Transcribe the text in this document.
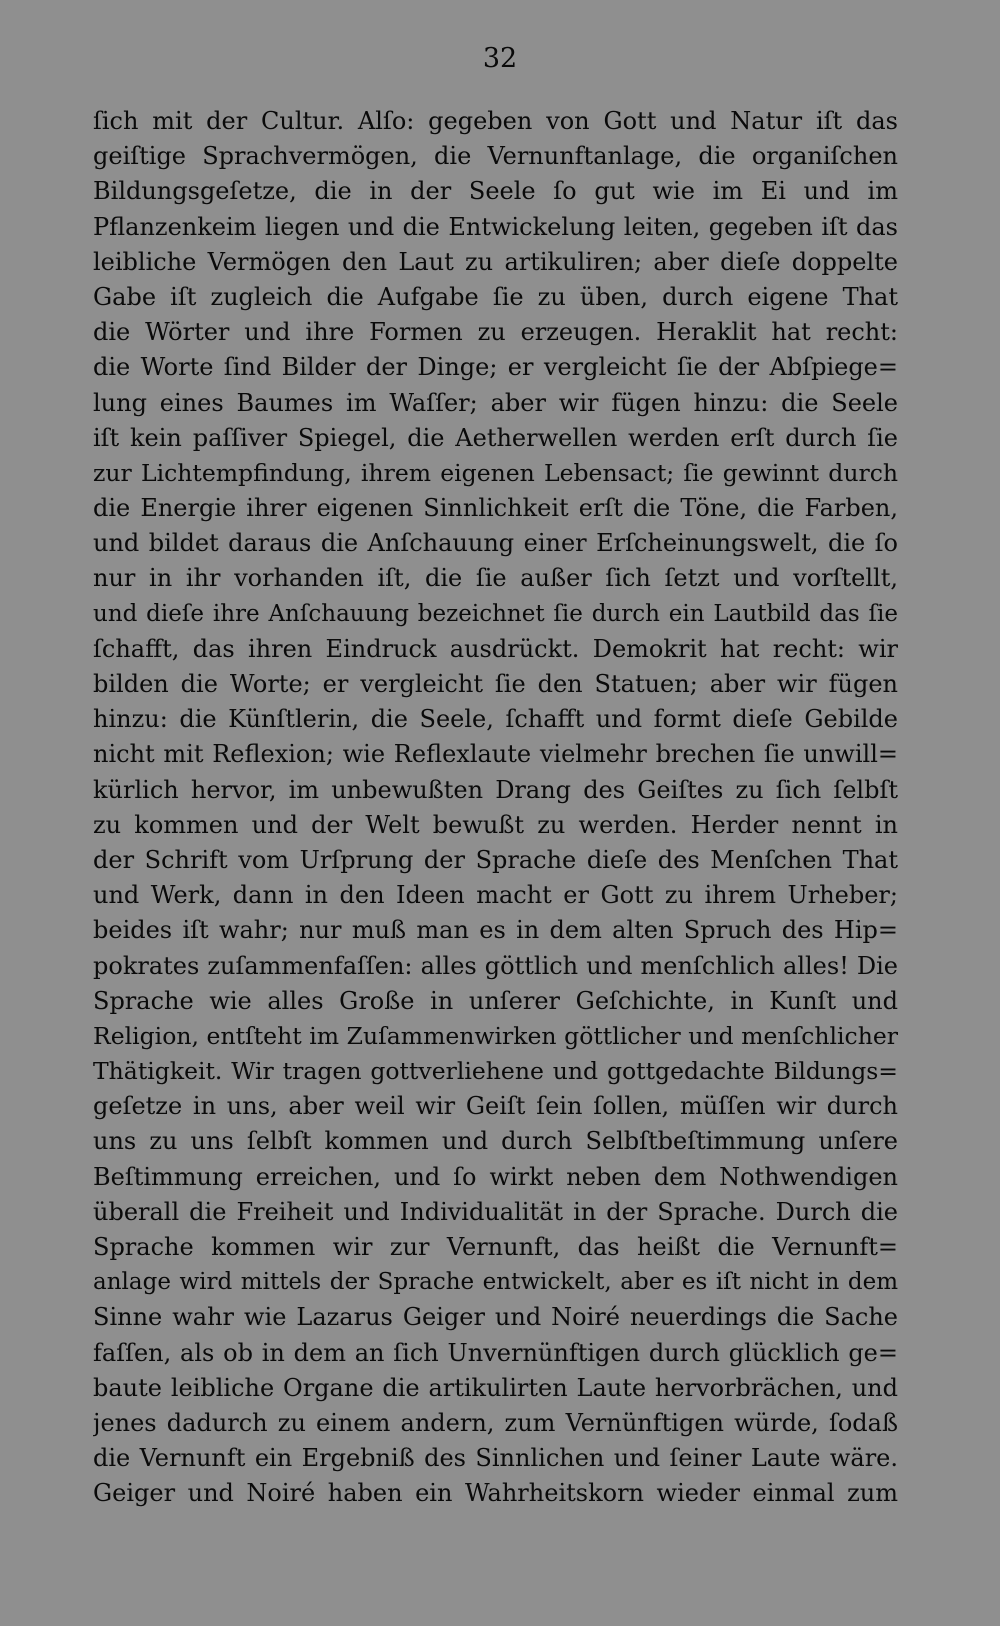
32
ſich mit der Cultur. Alſo: gegeben von Gott und Natur iſt das
geiſtige Sprachvermögen, die Vernunftanlage, die organiſchen
Bildungsgeſetze, die in der Seele ſo gut wie im Ei und im
Pflanzenkeim liegen und die Entwickelung leiten, gegeben iſt das
leibliche Vermögen den Laut zu artikuliren; aber dieſe doppelte
Gabe iſt zugleich die Aufgabe ſie zu üben, durch eigene That
die Wörter und ihre Formen zu erzeugen. Heraklit hat recht:
die Worte ſind Bilder der Dinge; er vergleicht ſie der Abſpiege=
lung eines Baumes im Waſſer; aber wir fügen hinzu: die Seele
iſt kein paſſiver Spiegel, die Aetherwellen werden erſt durch ſie
zur Lichtempfindung, ihrem eigenen Lebensact; ſie gewinnt durch
die Energie ihrer eigenen Sinnlichkeit erſt die Töne, die Farben,
und bildet daraus die Anſchauung einer Erſcheinungswelt, die ſo
nur in ihr vorhanden iſt, die ſie außer ſich ſetzt und vorſtellt,
und dieſe ihre Anſchauung bezeichnet ſie durch ein Lautbild das ſie
ſchafft, das ihren Eindruck ausdrückt. Demokrit hat recht: wir
bilden die Worte; er vergleicht ſie den Statuen; aber wir fügen
hinzu: die Künſtlerin, die Seele, ſchafft und formt dieſe Gebilde
nicht mit Reflexion; wie Reflexlaute vielmehr brechen ſie unwill=
kürlich hervor, im unbewußten Drang des Geiſtes zu ſich ſelbſt
zu kommen und der Welt bewußt zu werden. Herder nennt in
der Schrift vom Urſprung der Sprache dieſe des Menſchen That
und Werk, dann in den Ideen macht er Gott zu ihrem Urheber;
beides iſt wahr; nur muß man es in dem alten Spruch des Hip=
pokrates zuſammenfaſſen: alles göttlich und menſchlich alles! Die
Sprache wie alles Große in unſerer Geſchichte, in Kunſt und
Religion, entſteht im Zuſammenwirken göttlicher und menſchlicher
Thätigkeit. Wir tragen gottverliehene und gottgedachte Bildungs=
geſetze in uns, aber weil wir Geiſt ſein ſollen, müſſen wir durch
uns zu uns ſelbſt kommen und durch Selbſtbeſtimmung unſere
Beſtimmung erreichen, und ſo wirkt neben dem Nothwendigen
überall die Freiheit und Individualität in der Sprache. Durch die
Sprache kommen wir zur Vernunft, das heißt die Vernunft=
anlage wird mittels der Sprache entwickelt, aber es iſt nicht in dem
Sinne wahr wie Lazarus Geiger und Noiré neuerdings die Sache
faſſen, als ob in dem an ſich Unvernünftigen durch glücklich ge=
baute leibliche Organe die artikulirten Laute hervorbrächen, und
jenes dadurch zu einem andern, zum Vernünftigen würde, ſodaß
die Vernunft ein Ergebniß des Sinnlichen und ſeiner Laute wäre.
Geiger und Noiré haben ein Wahrheitskorn wieder einmal zum
